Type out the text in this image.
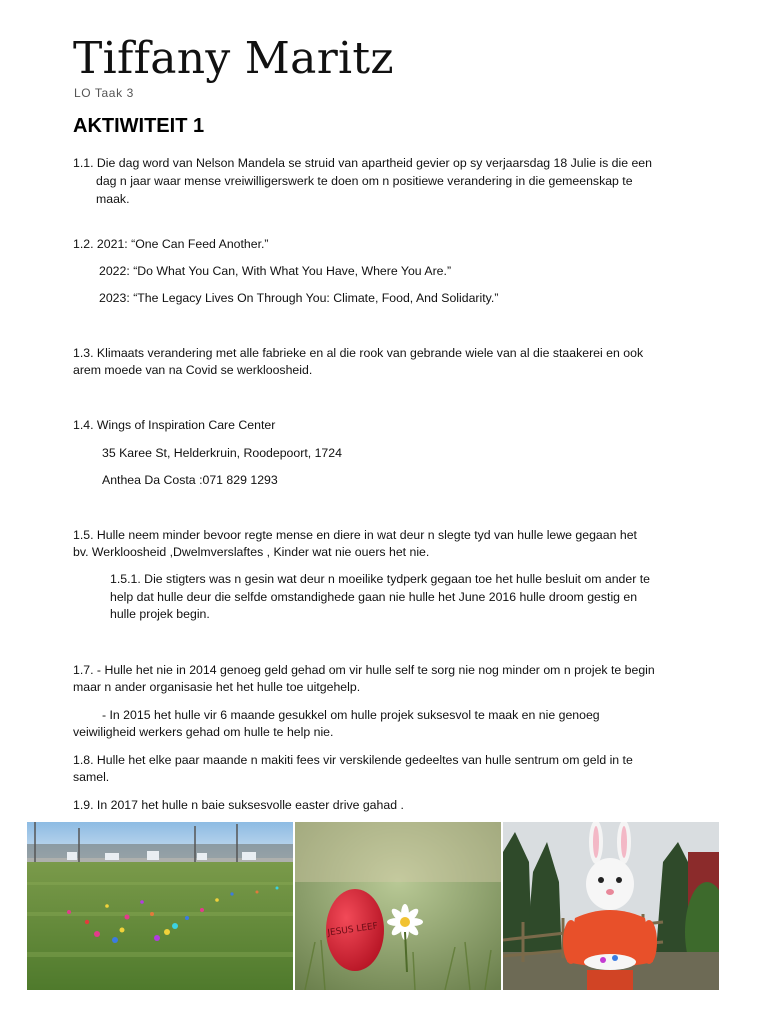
Tiffany Maritz
LO Taak 3
AKTIWITEIT 1
1.1. Die dag word van Nelson Mandela se struid van apartheid gevier op sy verjaarsdag 18 Julie is die een
dag n jaar waar mense vreiwilligerswerk te doen om n positiewe verandering in die gemeenskap te
maak.
1.2. 2021: “One Can Feed Another.”
2022: “Do What You Can, With What You Have, Where You Are.”
2023: “The Legacy Lives On Through You: Climate, Food, And Solidarity.”
1.3. Klimaats verandering met alle fabrieke en al die rook van gebrande wiele van al die staakerei en ook
arem moede van na Covid se werkloosheid.
1.4. Wings of Inspiration Care Center
35 Karee St, Helderkruin, Roodepoort, 1724
Anthea Da Costa :071 829 1293
1.5. Hulle neem minder bevoor regte mense en diere in wat deur n slegte tyd van hulle lewe gegaan het
bv. Werkloosheid ,Dwelmverslaftes , Kinder wat nie ouers het nie.
1.5.1. Die stigters was n gesin wat deur n moeilike tydperk gegaan toe het hulle besluit om ander te
help dat hulle deur die selfde omstandighede gaan nie hulle het June 2016 hulle droom gestig en
hulle projek begin.
1.7. - Hulle het nie in 2014 genoeg geld gehad om vir hulle self te sorg nie nog minder om n projek te begin
maar n ander organisasie het het hulle toe uitgehelp.
- In 2015 het hulle vir 6 maande gesukkel om hulle projek suksesvol te maak en nie genoeg
veiwiligheid werkers gehad om hulle te help nie.
1.8. Hulle het elke paar maande n makiti fees vir verskilende gedeeltes van hulle sentrum om geld in te
samel.
1.9. In 2017 het hulle n baie suksesvolle easter drive gahad .
JESUS LEEF
